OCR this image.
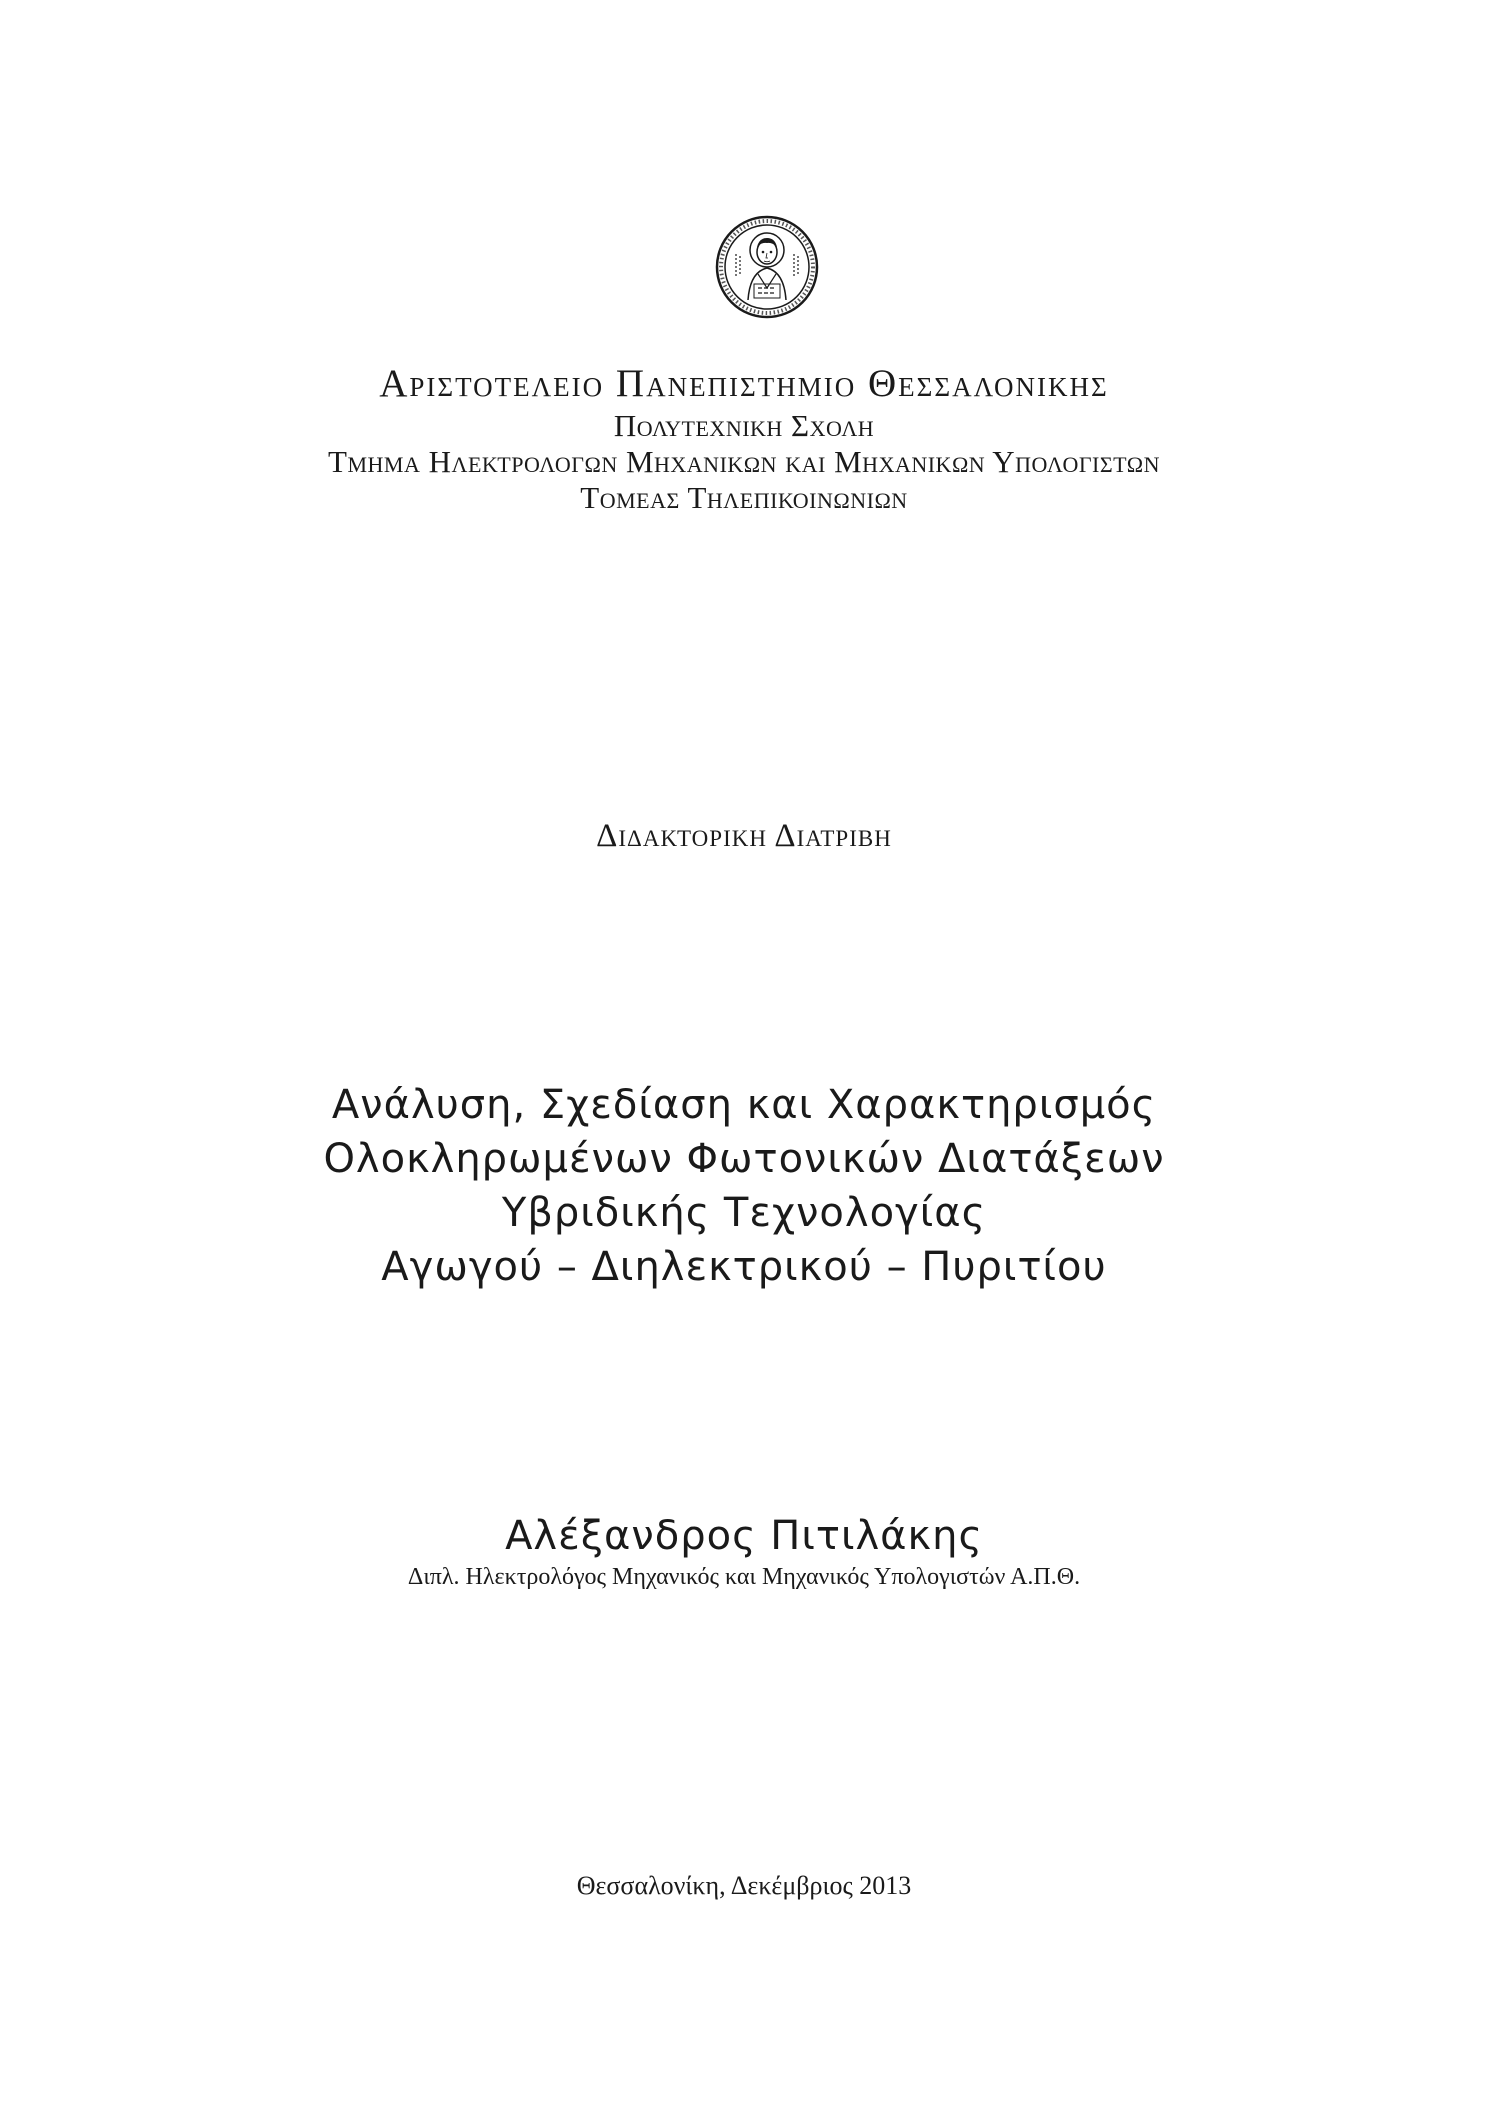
Αριστοτελειο Πανεπιστημιο Θεσσαλονικης
Πολυτεχνικη Σχολη
Τμημα Ηλεκτρολογων Μηχανικων και Μηχανικων Υπολογιστων
Τομεας Τηλεπικοινωνιων
Διδακτορικη Διατριβη
Ανάλυση, Σχεδίαση και Χαρακτηρισμός
Ολοκληρωμένων Φωτονικών Διατάξεων
Υβριδικής Τεχνολογίας
Αγωγού – Διηλεκτρικού – Πυριτίου
Αλέξανδρος Πιτιλάκης
Διπλ. Ηλεκτρολόγος Μηχανικός και Μηχανικός Υπολογιστών Α.Π.Θ.
Θεσσαλονίκη, Δεκέμβριος 2013
